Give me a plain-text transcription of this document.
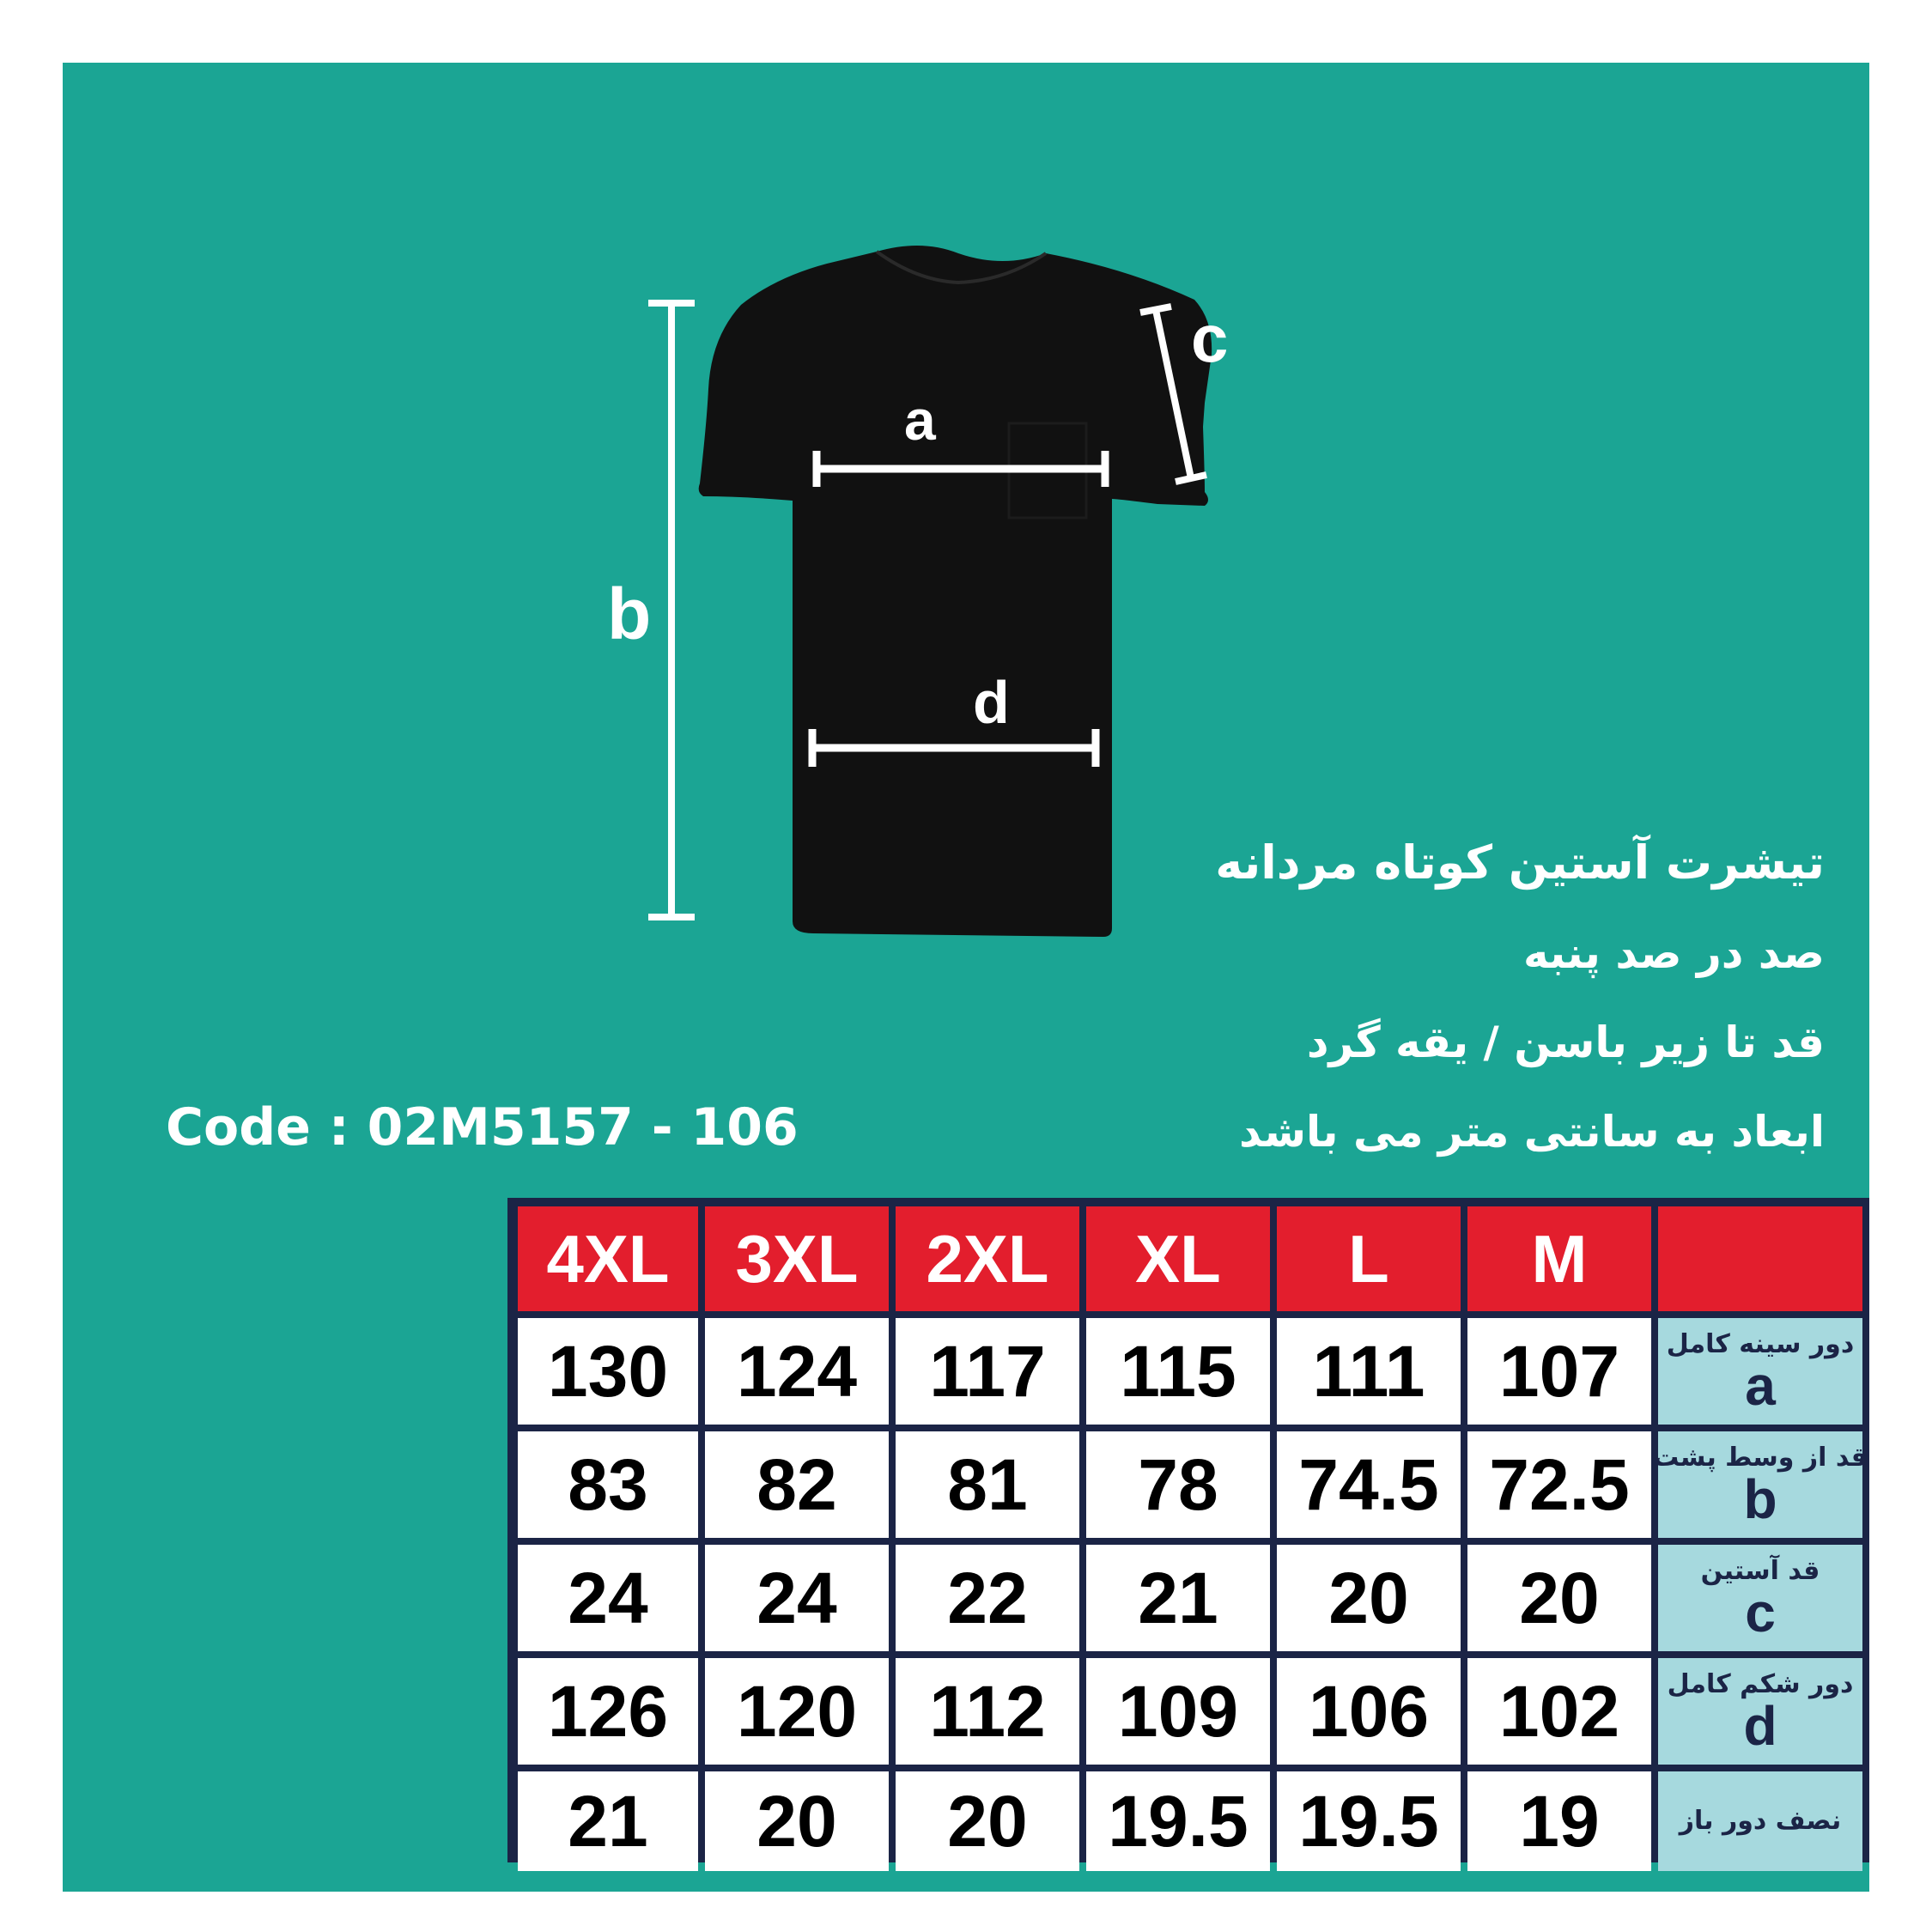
a
b
c
d
تیشرت آستین کوتاه مردانه
صد در صد پنبه
قد تا زیر باسن / یقه گرد
ابعاد به سانتی متر می باشد
Code : 02M5157 - 106
4XL 3XL	2XL	XL	L	M
130 124	117	115	111	107	دور سینه کامل
a
83	82	81	78	74.5 72.5 قد از وسط پشت
b
24	24	22	21	20	20	قد آستین
c
126 120	112	109 106 102	دور شکم کامل
d
21	20	20	19.5 19.5	19	نصف دور باز
